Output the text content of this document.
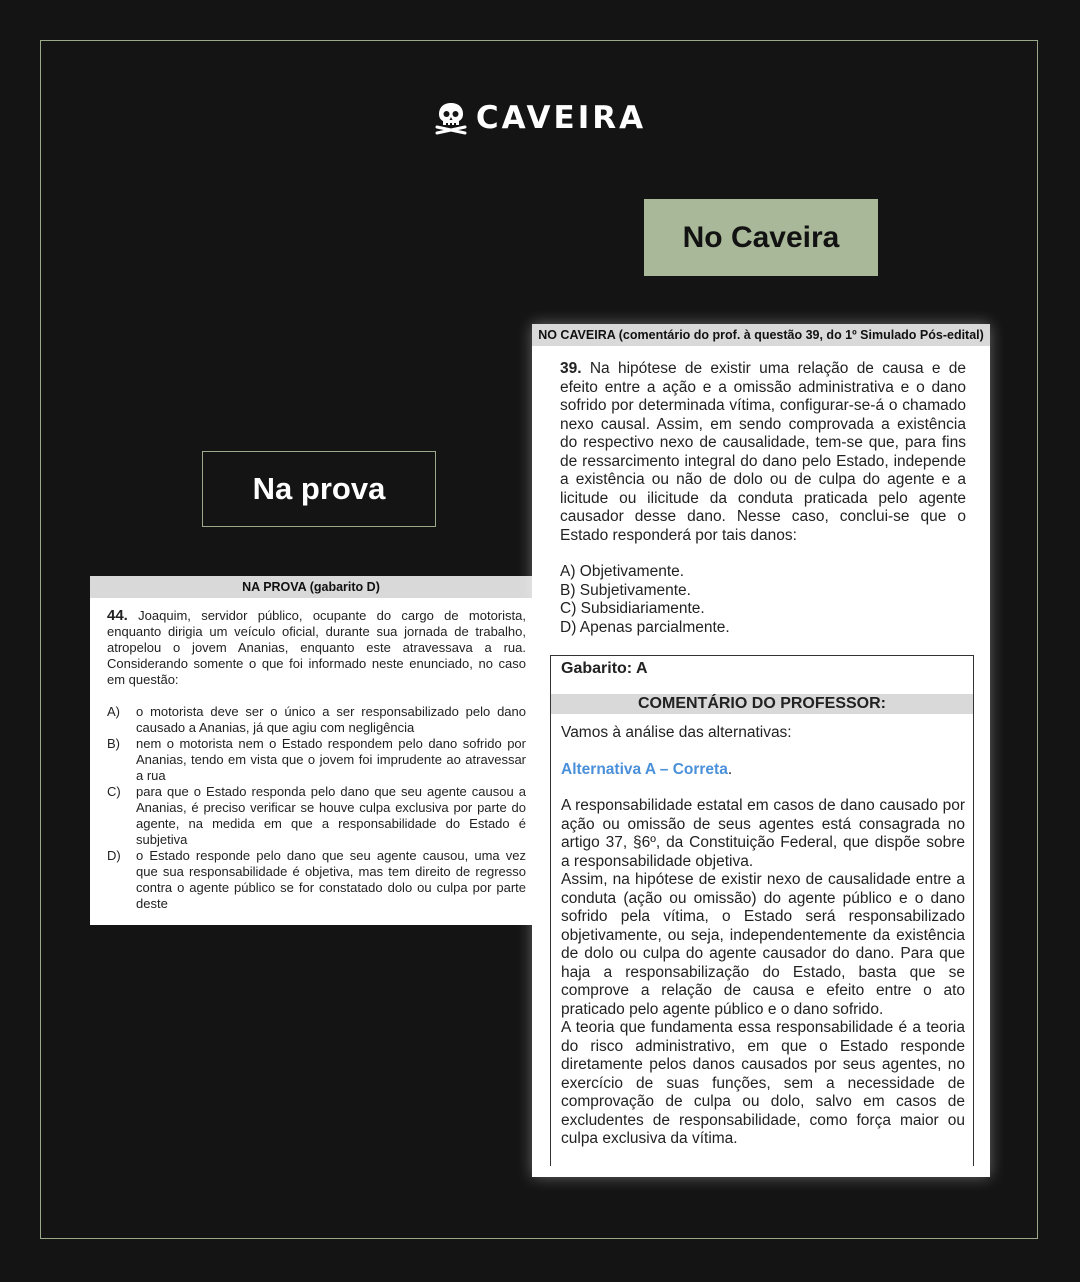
CAVEIRA
No Caveira
Na prova
NA PROVA (gabarito D)
44. Joaquim, servidor público, ocupante do cargo de motorista, enquanto dirigia um veículo oficial, durante sua jornada de trabalho, atropelou o jovem Ananias, enquanto este atravessava a rua. Considerando somente o que foi informado neste enunciado, no caso em questão:
A)	o motorista deve ser o único a ser responsabilizado pelo dano causado a Ananias, já que agiu com negligência
B)	nem o motorista nem o Estado respondem pelo dano sofrido por Ananias, tendo em vista que o jovem foi imprudente ao atravessar a rua
C)	para que o Estado responda pelo dano que seu agente causou a Ananias, é preciso verificar se houve culpa exclusiva por parte do agente, na medida em que a responsabilidade do Estado é subjetiva
D)	o Estado responde pelo dano que seu agente causou, uma vez que sua responsabilidade é objetiva, mas tem direito de regresso contra o agente público se for constatado dolo ou culpa por parte deste
NO CAVEIRA (comentário do prof. à questão 39, do 1º Simulado Pós-edital)
39. Na hipótese de existir uma relação de causa e de efeito entre a ação e a omissão administrativa e o dano sofrido por determinada vítima, configurar-se-á o chamado nexo causal. Assim, em sendo comprovada a existência do respectivo nexo de causalidade, tem-se que, para fins de ressarcimento integral do dano pelo Estado, independe a existência ou não de dolo ou de culpa do agente e a licitude ou ilicitude da conduta praticada pelo agente causador desse dano. Nesse caso, conclui-se que o Estado responderá por tais danos:
A) Objetivamente.
B) Subjetivamente.
C) Subsidiariamente.
D) Apenas parcialmente.
Gabarito: A
COMENTÁRIO DO PROFESSOR:

Vamos à análise das alternativas:

Alternativa A – Correta.

A responsabilidade estatal em casos de dano causado por ação ou omissão de seus agentes está consagrada no artigo 37, §6º, da Constituição Federal, que dispõe sobre a responsabilidade objetiva.

Assim, na hipótese de existir nexo de causalidade entre a conduta (ação ou omissão) do agente público e o dano sofrido pela vítima, o Estado será responsabilizado objetivamente, ou seja, independentemente da existência de dolo ou culpa do agente causador do dano. Para que haja a responsabilização do Estado, basta que se comprove a relação de causa e efeito entre o ato praticado pelo agente público e o dano sofrido.

A teoria que fundamenta essa responsabilidade é a teoria do risco administrativo, em que o Estado responde diretamente pelos danos causados por seus agentes, no exercício de suas funções, sem a necessidade de comprovação de culpa ou dolo, salvo em casos de excludentes de responsabilidade, como força maior ou culpa exclusiva da vítima.
